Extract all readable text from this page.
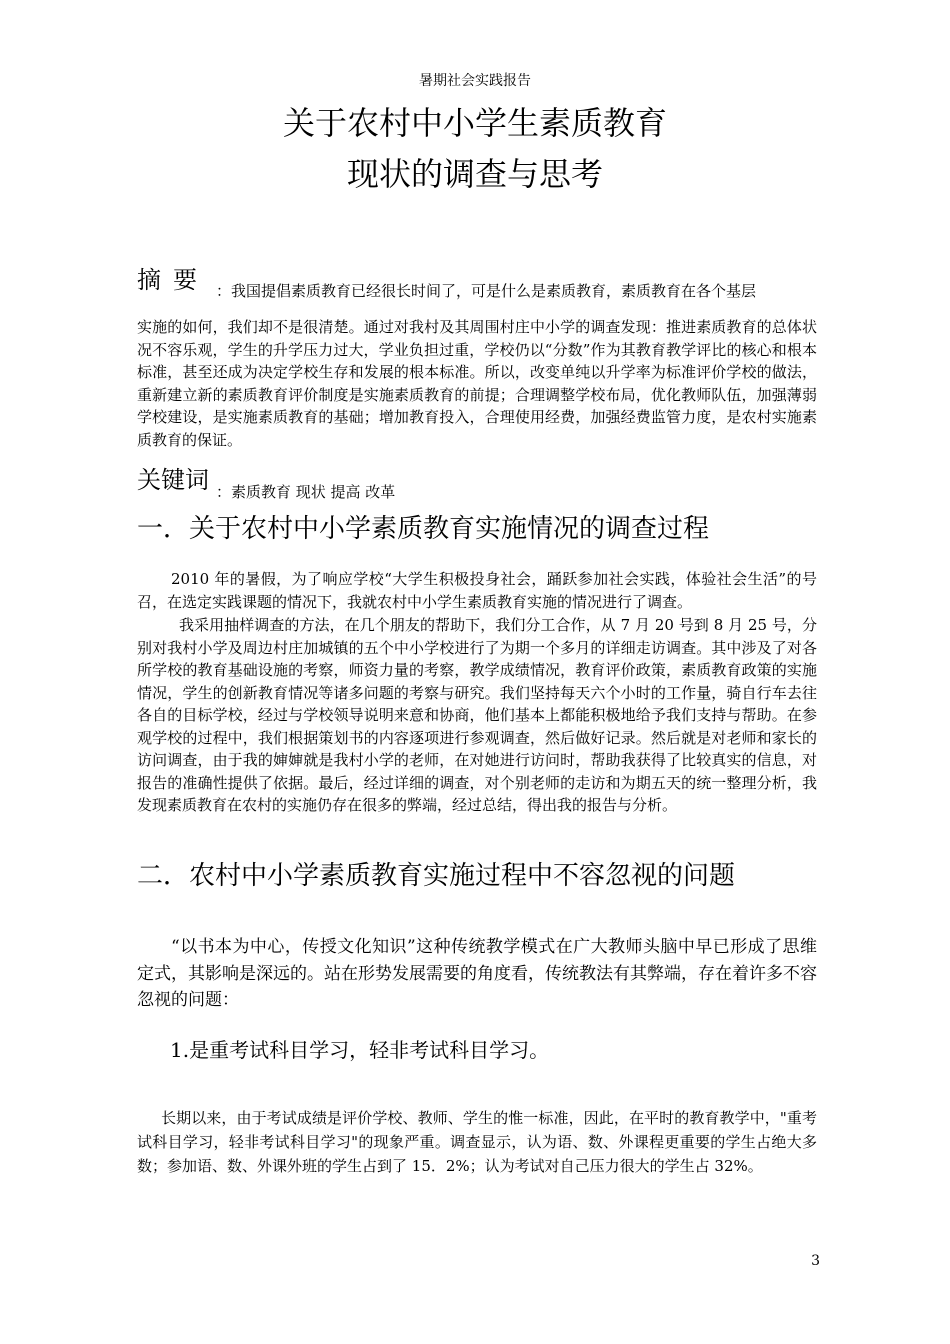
暑期社会实践报告
关于农村中小学生素质教育
现状的调查与思考
摘要 ：我国提倡素质教育已经很长时间了，可是什么是素质教育，素质教育在各个基层
实施的如何，我们却不是很清楚。通过对我村及其周围村庄中小学的调查发现：推进素质教育的总体状况不容乐观，学生的升学压力过大，学业负担过重，学校仍以“分数”作为其教育教学评比的核心和根本标准，甚至还成为决定学校生存和发展的根本标准。所以，改变单纯以升学率为标准评价学校的做法，重新建立新的素质教育评价制度是实施素质教育的前提；合理调整学校布局，优化教师队伍，加强薄弱学校建设，是实施素质教育的基础；增加教育投入，合理使用经费，加强经费监管力度，是农村实施素质教育的保证。
关键词 ：素质教育 现状 提高 改革
一．关于农村中小学素质教育实施情况的调查过程
2010 年的暑假，为了响应学校“大学生积极投身社会，踊跃参加社会实践，体验社会生活”的号召，在选定实践课题的情况下，我就农村中小学生素质教育实施的情况进行了调查。
我采用抽样调查的方法，在几个朋友的帮助下，我们分工合作，从 7 月 20 号到 8 月 25 号，分别对我村小学及周边村庄加城镇的五个中小学校进行了为期一个多月的详细走访调查。其中涉及了对各所学校的教育基础设施的考察，师资力量的考察，教学成绩情况，教育评价政策，素质教育政策的实施情况，学生的创新教育情况等诸多问题的考察与研究。我们坚持每天六个小时的工作量，骑自行车去往各自的目标学校，经过与学校领导说明来意和协商，他们基本上都能积极地给予我们支持与帮助。在参观学校的过程中，我们根据策划书的内容逐项进行参观调查，然后做好记录。然后就是对老师和家长的访问调查，由于我的婶婶就是我村小学的老师，在对她进行访问时，帮助我获得了比较真实的信息，对报告的准确性提供了依据。最后，经过详细的调查，对个别老师的走访和为期五天的统一整理分析，我发现素质教育在农村的实施仍存在很多的弊端，经过总结，得出我的报告与分析。
二．农村中小学素质教育实施过程中不容忽视的问题
“以书本为中心，传授文化知识”这种传统教学模式在广大教师头脑中早已形成了思维定式，其影响是深远的。站在形势发展需要的角度看，传统教法有其弊端，存在着许多不容忽视的问题：
1.是重考试科目学习，轻非考试科目学习。
长期以来，由于考试成绩是评价学校、教师、学生的惟一标准，因此，在平时的教育教学中，"重考试科目学习，轻非考试科目学习"的现象严重。调查显示，认为语、数、外课程更重要的学生占绝大多数；参加语、数、外课外班的学生占到了 15．2%；认为考试对自己压力很大的学生占 32%。
3
